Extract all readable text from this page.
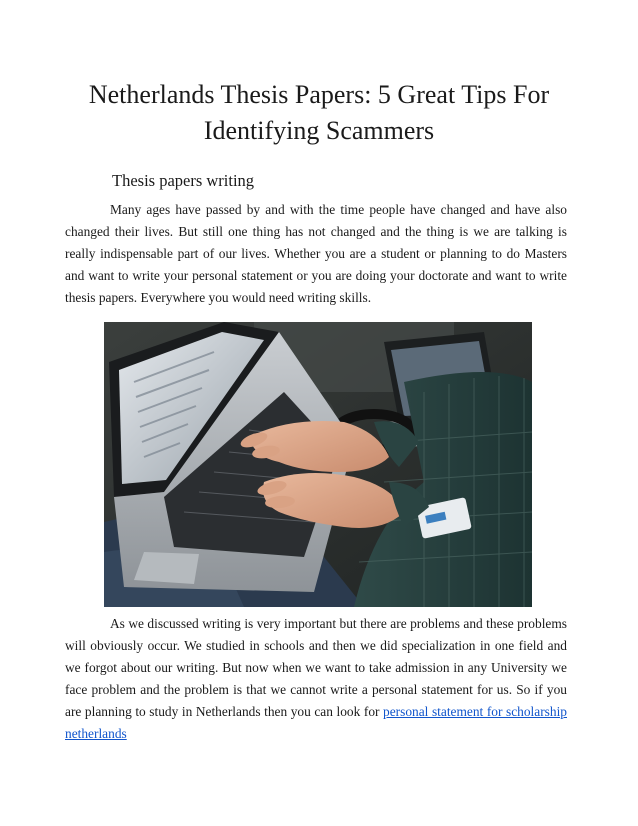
Netherlands Thesis Papers: 5 Great Tips For Identifying Scammers

Thesis papers writing

Many ages have passed by and with the time people have changed and have also changed their lives. But still one thing has not changed and the thing is we are talking is really indispensable part of our lives. Whether you are a student or planning to do Masters and want to write your personal statement or you are doing your doctorate and want to write thesis papers. Everywhere you would need writing skills.

As we discussed writing is very important but there are problems and these problems will obviously occur. We studied in schools and then we did specialization in one field and we forgot about our writing. But now when we want to take admission in any University we face problem and the problem is that we cannot write a personal statement for us. So if you are planning to study in Netherlands then you can look for personal statement for scholarship netherlands
